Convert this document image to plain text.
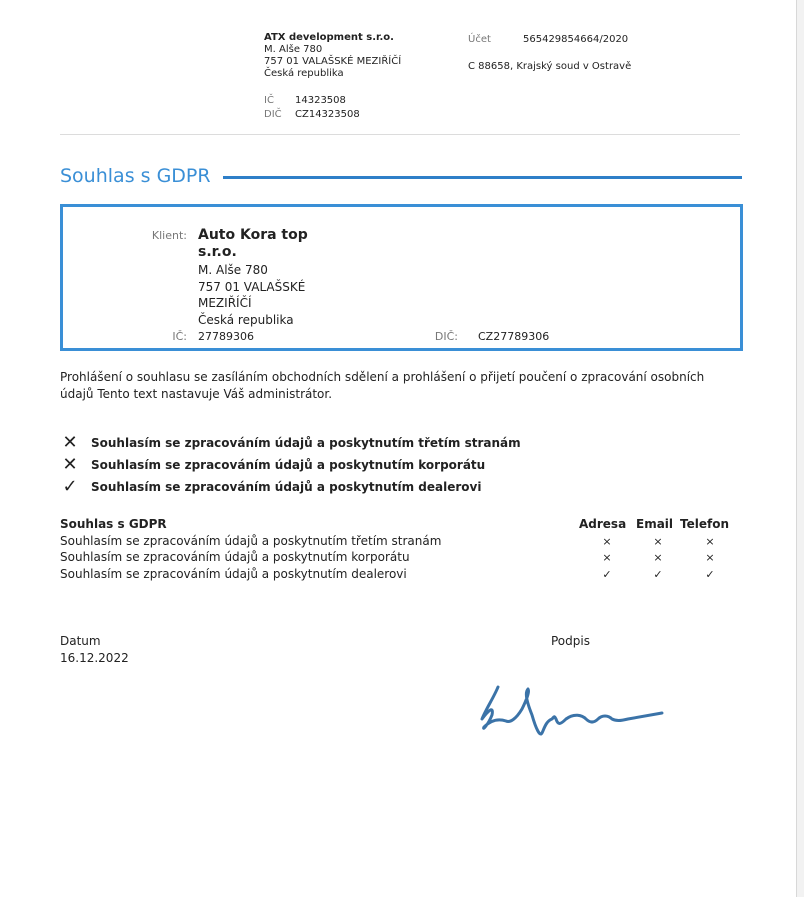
ATX development s.r.o.
M. Alše 780
757 01 VALAŠSKÉ MEZIŘÍČÍ
Česká republika
IČ 14323508
DIČ CZ14323508
Účet	565429854664/2020
C 88658, Krajský soud v Ostravě
Souhlas s GDPR
Klient: Auto Kora top
s.r.o.
M. Alše 780
757 01 VALAŠSKÉ
MEZIŘÍČÍ
Česká republika
IČ: 27789306	DIČ: CZ27789306
Prohlášení o souhlasu se zasíláním obchodních sdělení a prohlášení o přijetí poučení o zpracování osobních
údajů Tento text nastavuje Váš administrátor.
✕ Souhlasím se zpracováním údajů a poskytnutím třetím stranám
✕ Souhlasím se zpracováním údajů a poskytnutím korporátu
✓ Souhlasím se zpracováním údajů a poskytnutím dealerovi
Souhlas s GDPR	Adresa Email Telefon
Souhlasím se zpracováním údajů a poskytnutím třetím stranám	×	×	×
Souhlasím se zpracováním údajů a poskytnutím korporátu	×	×	×
Souhlasím se zpracováním údajů a poskytnutím dealerovi	✓	✓	✓
Datum
16.12.2022
Podpis
